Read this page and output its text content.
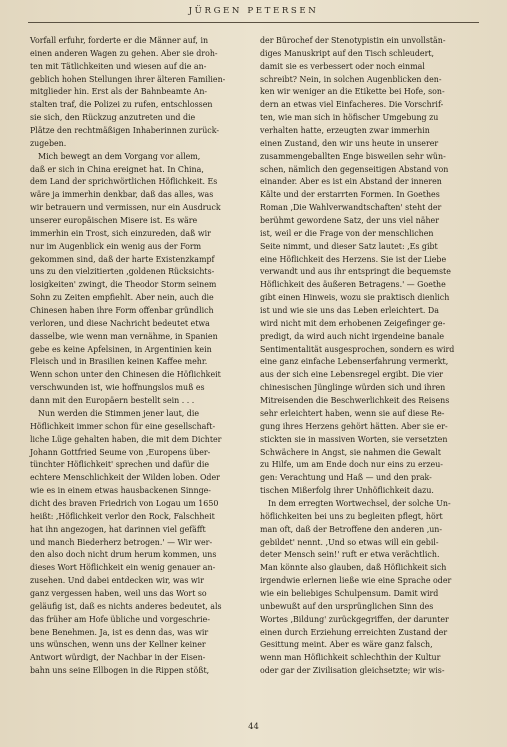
JÜRGEN PETERSEN
Vorfall erfuhr, forderte er die Männer auf, in
einen anderen Wagen zu gehen. Aber sie droh-
ten mit Tätlichkeiten und wiesen auf die an-
geblich hohen Stellungen ihrer älteren Familien-
mitglieder hin. Erst als der Bahnbeamte An-
stalten traf, die Polizei zu rufen, entschlossen
sie sich, den Rückzug anzutreten und die
Plätze den rechtmäßigen Inhaberinnen zurück-
zugeben.
Mich bewegt an dem Vorgang vor allem,
daß er sich in China ereignet hat. In China,
dem Land der sprichwörtlichen Höflichkeit. Es
wäre ja immerhin denkbar, daß das alles, was
wir betrauern und vermissen, nur ein Ausdruck
unserer europäischen Misere ist. Es wäre
immerhin ein Trost, sich einzureden, daß wir
nur im Augenblick ein wenig aus der Form
gekommen sind, daß der harte Existenzkampf
uns zu den vielzitierten ‚goldenen Rücksichts-
losigkeiten' zwingt, die Theodor Storm seinem
Sohn zu Zeiten empfiehlt. Aber nein, auch die
Chinesen haben ihre Form offenbar gründlich
verloren, und diese Nachricht bedeutet etwa
dasselbe, wie wenn man vernähme, in Spanien
gebe es keine Apfelsinen, in Argentinien kein
Fleisch und in Brasilien keinen Kaffee mehr.
Wenn schon unter den Chinesen die Höflichkeit
verschwunden ist, wie hoffnungslos muß es
dann mit den Europäern bestellt sein . . .
Nun werden die Stimmen jener laut, die
Höflichkeit immer schon für eine gesellschaft-
liche Lüge gehalten haben, die mit dem Dichter
Johann Gottfried Seume von ‚Europens über-
tünchter Höflichkeit' sprechen und dafür die
echtere Menschlichkeit der Wilden loben. Oder
wie es in einem etwas hausbackenen Sinnge-
dicht des braven Friedrich von Logau um 1650
heißt: ‚Höflichkeit verlor den Rock, Falschheit
hat ihn angezogen, hat darinnen viel gefäfft
und manch Biederherz betrogen.' — Wir wer-
den also doch nicht drum herum kommen, uns
dieses Wort Höflichkeit ein wenig genauer an-
zusehen. Und dabei entdecken wir, was wir
ganz vergessen haben, weil uns das Wort so
geläufig ist, daß es nichts anderes bedeutet, als
das früher am Hofe übliche und vorgeschrie-
bene Benehmen. Ja, ist es denn das, was wir
uns wünschen, wenn uns der Kellner keiner
Antwort würdigt, der Nachbar in der Eisen-
bahn uns seine Ellbogen in die Rippen stößt,
der Bürochef der Stenotypistin ein unvollstän-
diges Manuskript auf den Tisch schleudert,
damit sie es verbessert oder noch einmal
schreibt? Nein, in solchen Augenblicken den-
ken wir weniger an die Etikette bei Hofe, son-
dern an etwas viel Einfacheres. Die Vorschrif-
ten, wie man sich in höfischer Umgebung zu
verhalten hatte, erzeugten zwar immerhin
einen Zustand, den wir uns heute in unserer
zusammengeballten Enge bisweilen sehr wün-
schen, nämlich den gegenseitigen Abstand von
einander. Aber es ist ein Abstand der inneren
Kälte und der erstarrten Formen. In Goethes
Roman ‚Die Wahlverwandtschaften' steht der
berühmt gewordene Satz, der uns viel näher
ist, weil er die Frage von der menschlichen
Seite nimmt, und dieser Satz lautet: ‚Es gibt
eine Höflichkeit des Herzens. Sie ist der Liebe
verwandt und aus ihr entspringt die bequemste
Höflichkeit des äußeren Betragens.' — Goethe
gibt einen Hinweis, wozu sie praktisch dienlich
ist und wie sie uns das Leben erleichtert. Da
wird nicht mit dem erhobenen Zeigefinger ge-
predigt, da wird auch nicht irgendeine banale
Sentimentalität ausgesprochen, sondern es wird
eine ganz einfache Lebenserfahrung vermerkt,
aus der sich eine Lebensregel ergibt. Die vier
chinesischen Jünglinge würden sich und ihren
Mitreisenden die Beschwerlichkeit des Reisens
sehr erleichtert haben, wenn sie auf diese Re-
gung ihres Herzens gehört hätten. Aber sie er-
stickten sie in massiven Worten, sie versetzten
Schwächere in Angst, sie nahmen die Gewalt
zu Hilfe, um am Ende doch nur eins zu erzeu-
gen: Verachtung und Haß — und den prak-
tischen Mißerfolg ihrer Unhöflichkeit dazu.
In dem erregten Wortwechsel, der solche Un-
höflichkeiten bei uns zu begleiten pflegt, hört
man oft, daß der Betroffene den anderen ‚un-
gebildet' nennt. ‚Und so etwas will ein gebil-
deter Mensch sein!' ruft er etwa verächtlich.
Man könnte also glauben, daß Höflichkeit sich
irgendwie erlernen ließe wie eine Sprache oder
wie ein beliebiges Schulpensum. Damit wird
unbewußt auf den ursprünglichen Sinn des
Wortes ‚Bildung' zurückgegriffen, der darunter
einen durch Erziehung erreichten Zustand der
Gesittung meint. Aber es wäre ganz falsch,
wenn man Höflichkeit schlechthin der Kultur
oder gar der Zivilisation gleichsetzte; wir wis-
44
